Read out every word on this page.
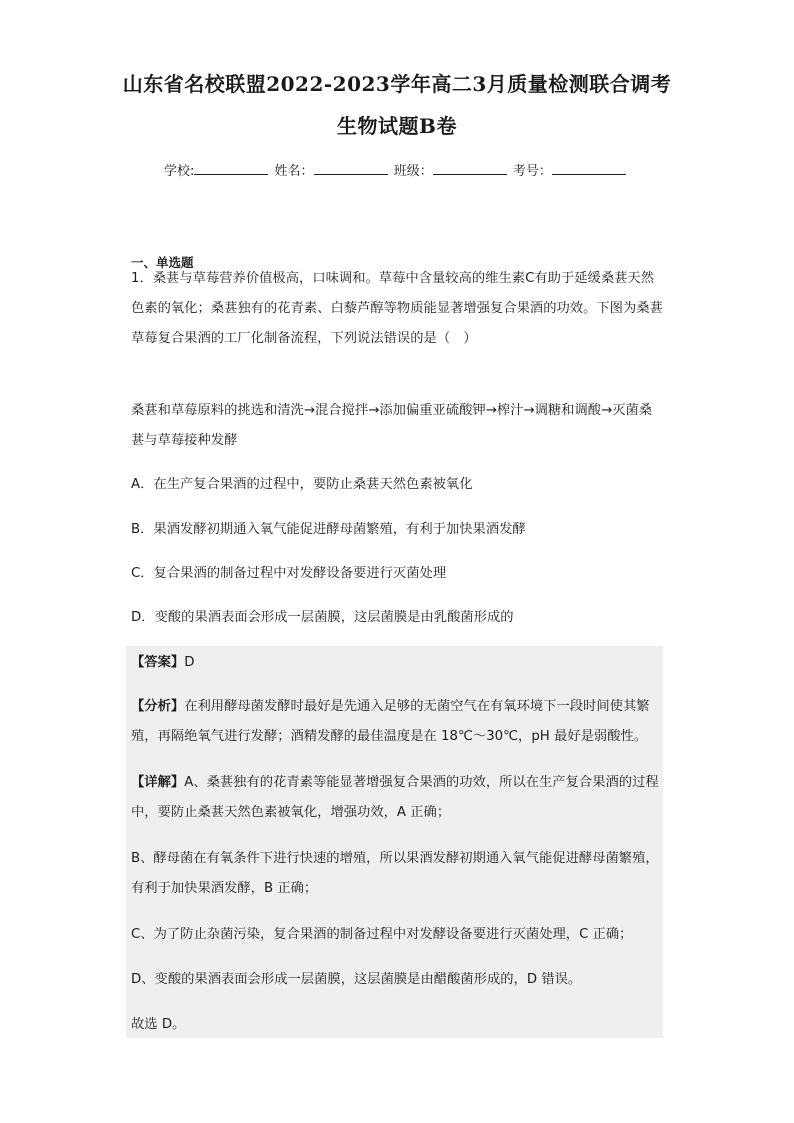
山东省名校联盟2022-2023学年高二3月质量检测联合调考
生物试题B卷
学校:	姓名：	班级：	考号：
一、单选题
1．桑葚与草莓营养价值极高，口味调和。草莓中含量较高的维生素C有助于延缓桑葚天然色素的氧化；桑葚独有的花青素、白藜芦醇等物质能显著增强复合果酒的功效。下图为桑葚草莓复合果酒的工厂化制备流程，下列说法错误的是（　）
桑葚和草莓原料的挑选和清洗→混合搅拌→添加偏重亚硫酸钾→榨汁→调糖和调酸→灭菌桑葚与草莓接种发酵
A．在生产复合果酒的过程中，要防止桑葚天然色素被氧化
B．果酒发酵初期通入氧气能促进酵母菌繁殖，有利于加快果酒发酵
C．复合果酒的制备过程中对发酵设备要进行灭菌处理
D．变酸的果酒表面会形成一层菌膜，这层菌膜是由乳酸菌形成的
【答案】D
【分析】在利用酵母菌发酵时最好是先通入足够的无菌空气在有氧环境下一段时间使其繁殖，再隔绝氧气进行发酵；酒精发酵的最佳温度是在 18℃～30℃，pH 最好是弱酸性。
【详解】A、桑葚独有的花青素等能显著增强复合果酒的功效，所以在生产复合果酒的过程中，要防止桑葚天然色素被氧化，增强功效，A 正确；
B、酵母菌在有氧条件下进行快速的增殖，所以果酒发酵初期通入氧气能促进酵母菌繁殖，有利于加快果酒发酵，B 正确；
C、为了防止杂菌污染，复合果酒的制备过程中对发酵设备要进行灭菌处理，C 正确；
D、变酸的果酒表面会形成一层菌膜，这层菌膜是由醋酸菌形成的，D 错误。
故选 D。
